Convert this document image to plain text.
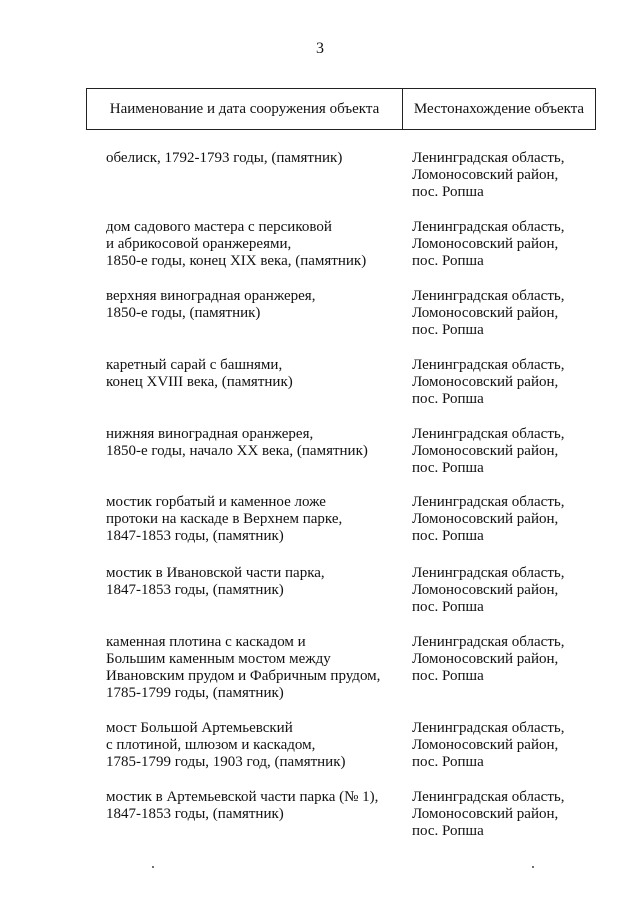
3
Наименование и дата сооружения объекта	Местонахождение объекта
обелиск, 1792-1793 годы, (памятник)	Ленинградская область,
Ломоносовский район,
пос. Ропша
дом садового мастера с персиковой
и абрикосовой оранжереями,
1850-е годы, конец XIX века, (памятник)
Ленинградская область,
Ломоносовский район,
пос. Ропша
верхняя виноградная оранжерея,
1850-е годы, (памятник)
Ленинградская область,
Ломоносовский район,
пос. Ропша
каретный сарай с башнями,
конец XVIII века, (памятник)
Ленинградская область,
Ломоносовский район,
пос. Ропша
нижняя виноградная оранжерея,
1850-е годы, начало XX века, (памятник)
Ленинградская область,
Ломоносовский район,
пос. Ропша
мостик горбатый и каменное ложе
протоки на каскаде в Верхнем парке,
1847-1853 годы, (памятник)
Ленинградская область,
Ломоносовский район,
пос. Ропша
мостик в Ивановской части парка,
1847-1853 годы, (памятник)
Ленинградская область,
Ломоносовский район,
пос. Ропша
каменная плотина с каскадом и
Большим каменным мостом между
Ивановским прудом и Фабричным прудом,
1785-1799 годы, (памятник)
Ленинградская область,
Ломоносовский район,
пос. Ропша
мост Большой Артемьевский
с плотиной, шлюзом и каскадом,
1785-1799 годы, 1903 год, (памятник)
Ленинградская область,
Ломоносовский район,
пос. Ропша
мостик в Артемьевской части парка (№ 1),
1847-1853 годы, (памятник)
Ленинградская область,
Ломоносовский район,
пос. Ропша
